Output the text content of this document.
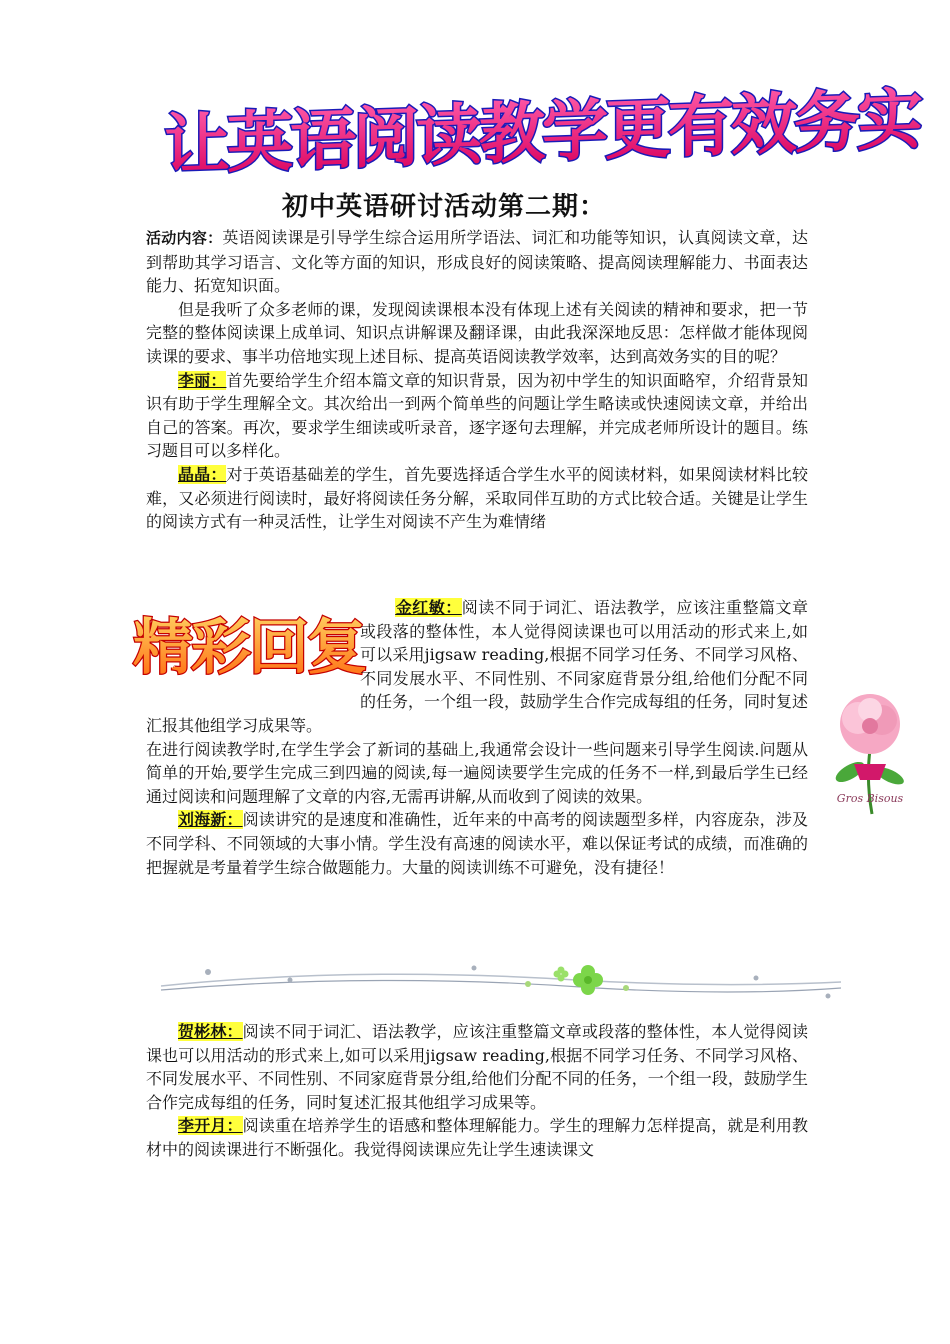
让英语阅读教学更有效务实
初中英语研讨活动第二期：

活动内容：英语阅读课是引导学生综合运用所学语法、词汇和功能等知识，认真阅读文章，达到帮助其学习语言、文化等方面的知识，形成良好的阅读策略、提高阅读理解能力、书面表达能力、拓宽知识面。

但是我听了众多老师的课，发现阅读课根本没有体现上述有关阅读的精神和要求，把一节完整的整体阅读课上成单词、知识点讲解课及翻译课，由此我深深地反思：怎样做才能体现阅读课的要求、事半功倍地实现上述目标、提高英语阅读教学效率，达到高效务实的目的呢？

李丽：首先要给学生介绍本篇文章的知识背景，因为初中学生的知识面略窄，介绍背景知识有助于学生理解全文。其次给出一到两个简单些的问题让学生略读或快速阅读文章，并给出自己的答案。再次，要求学生细读或听录音，逐字逐句去理解，并完成老师所设计的题目。练习题目可以多样化。

晶晶：对于英语基础差的学生，首先要选择适合学生水平的阅读材料，如果阅读材料比较难，又必须进行阅读时，最好将阅读任务分解，采取同伴互助的方式比较合适。关键是让学生的阅读方式有一种灵活性，让学生对阅读不产生为难情绪

精彩回复

金红敏：阅读不同于词汇、语法教学，应该注重整篇文章或段落的整体性，本人觉得阅读课也可以用活动的形式来上,如可以采用jigsaw reading,根据不同学习任务、不同学习风格、不同发展水平、不同性别、不同家庭背景分组,给他们分配不同的任务，一个组一段，鼓励学生合作完成每组的任务，同时复述汇报其他组学习成果等。

在进行阅读教学时,在学生学会了新词的基础上,我通常会设计一些问题来引导学生阅读.问题从简单的开始,要学生完成三到四遍的阅读,每一遍阅读要学生完成的任务不一样,到最后学生已经通过阅读和问题理解了文章的内容,无需再讲解,从而收到了阅读的效果。

刘海新：阅读讲究的是速度和准确性，近年来的中高考的阅读题型多样，内容庞杂，涉及不同学科、不同领域的大事小情。学生没有高速的阅读水平，难以保证考试的成绩，而准确的把握就是考量着学生综合做题能力。大量的阅读训练不可避免，没有捷径！

Gros Bisous

贺彬林：阅读不同于词汇、语法教学，应该注重整篇文章或段落的整体性，本人觉得阅读课也可以用活动的形式来上,如可以采用jigsaw reading,根据不同学习任务、不同学习风格、不同发展水平、不同性别、不同家庭背景分组,给他们分配不同的任务，一个组一段，鼓励学生合作完成每组的任务，同时复述汇报其他组学习成果等。

李开月：阅读重在培养学生的语感和整体理解能力。学生的理解力怎样提高，就是利用教材中的阅读课进行不断强化。我觉得阅读课应先让学生速读课文
